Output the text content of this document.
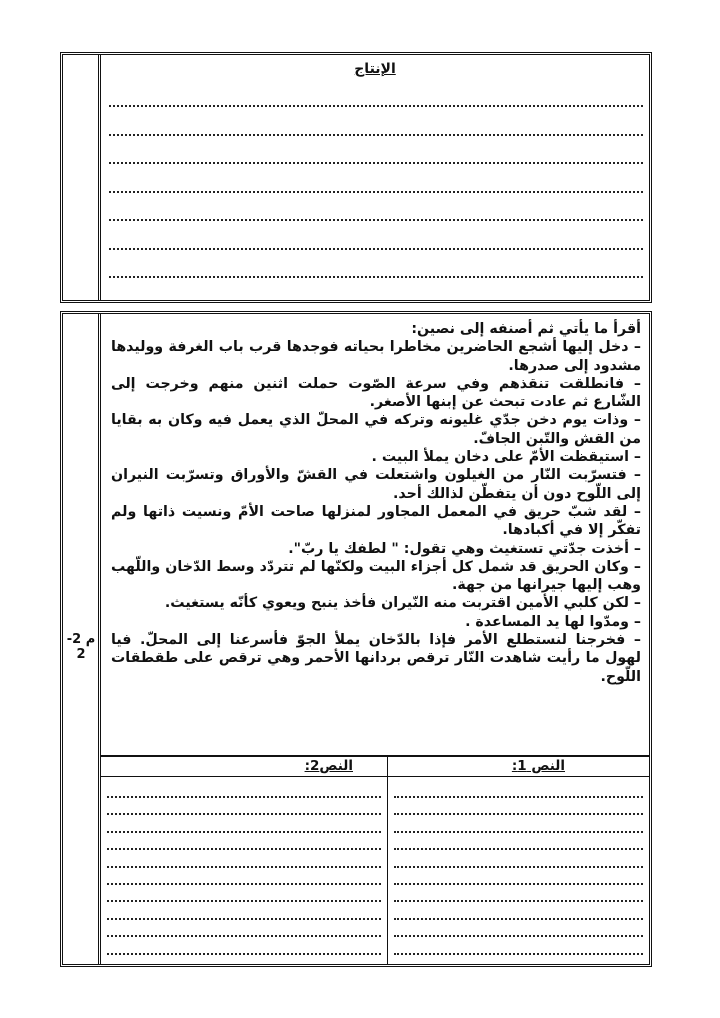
الإنتاج
م 2-2

أقرأ ما يأتي ثم أصنفه إلى نصين:

– دخل إليها أشجع الحاضرين مخاطرا بحياته فوجدها قرب باب الغرفة ووليدها مشدود إلى صدرها.

– فانطلقت تنقذهم وفي سرعة الصّوت حملت اثنين منهم وخرجت إلى الشّارع ثم عادت تبحث عن إبنها الأصغر.

– وذات يوم دخن جدّي غليونه وتركه في المحلّ الذي يعمل فيه وكان به بقايا من القش والتّبن الجافّ.

– استيقظت الأمّ على دخان يملأ البيت .

– فتسرّبت النّار من الغيلون واشتعلت في القشّ والأوراق وتسرّبت النيران إلى اللّوح دون أن يتفطّن لذالك أحد.

– لقد شبّ حريق في المعمل المجاور لمنزلها صاحت الأمّ ونسيت ذاتها ولم تفكّر إلا في أكبادها.

– أخذت جدّتي تستغيث وهي تقول: " لطفك يا ربّ".

– وكان الحريق قد شمل كل أجزاء البيت ولكنّها لم تتردّد وسط الدّخان واللّهب وهب إليها جيرانها من جهة.

– لكن كلبي الأمين اقتربت منه النّيران فأخذ ينبح ويعوي كأنّه يستغيث.

– ومدّوا لها يد المساعدة .

– فخرجنا لنستطلع الأمر فإذا بالدّخان يملأ الجوّ فأسرعنا إلى المحلّ. فيا لهول ما رأيت شاهدت النّار ترقص بردانها الأحمر وهي ترقص على طقطقات اللّوح.

النص 1:
النص2:
